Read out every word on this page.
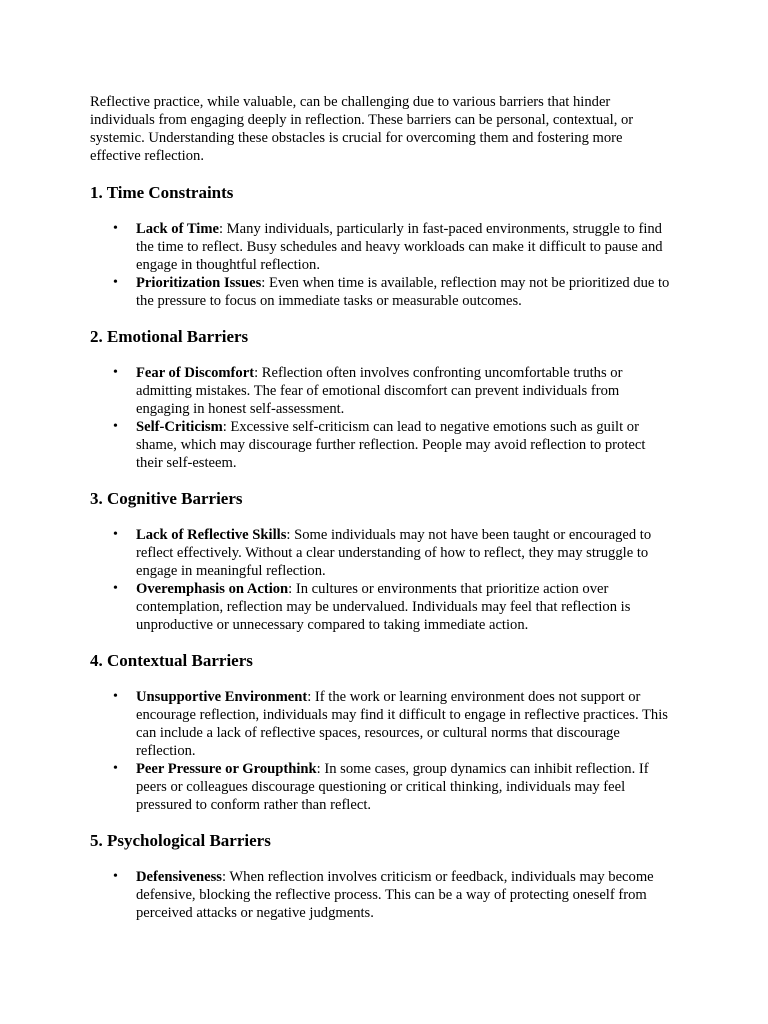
Reflective practice, while valuable, can be challenging due to various barriers that hinder individuals from engaging deeply in reflection. These barriers can be personal, contextual, or systemic. Understanding these obstacles is crucial for overcoming them and fostering more effective reflection.

1. Time Constraints
• Lack of Time: Many individuals, particularly in fast-paced environments, struggle to find the time to reflect. Busy schedules and heavy workloads can make it difficult to pause and engage in thoughtful reflection.
• Prioritization Issues: Even when time is available, reflection may not be prioritized due to the pressure to focus on immediate tasks or measurable outcomes.
2. Emotional Barriers
• Fear of Discomfort: Reflection often involves confronting uncomfortable truths or admitting mistakes. The fear of emotional discomfort can prevent individuals from engaging in honest self-assessment.
• Self-Criticism: Excessive self-criticism can lead to negative emotions such as guilt or shame, which may discourage further reflection. People may avoid reflection to protect their self-esteem.
3. Cognitive Barriers
• Lack of Reflective Skills: Some individuals may not have been taught or encouraged to reflect effectively. Without a clear understanding of how to reflect, they may struggle to engage in meaningful reflection.
• Overemphasis on Action: In cultures or environments that prioritize action over contemplation, reflection may be undervalued. Individuals may feel that reflection is unproductive or unnecessary compared to taking immediate action.
4. Contextual Barriers
• Unsupportive Environment: If the work or learning environment does not support or encourage reflection, individuals may find it difficult to engage in reflective practices. This can include a lack of reflective spaces, resources, or cultural norms that discourage reflection.
• Peer Pressure or Groupthink: In some cases, group dynamics can inhibit reflection. If peers or colleagues discourage questioning or critical thinking, individuals may feel pressured to conform rather than reflect.
5. Psychological Barriers
• Defensiveness: When reflection involves criticism or feedback, individuals may become defensive, blocking the reflective process. This can be a way of protecting oneself from perceived attacks or negative judgments.
